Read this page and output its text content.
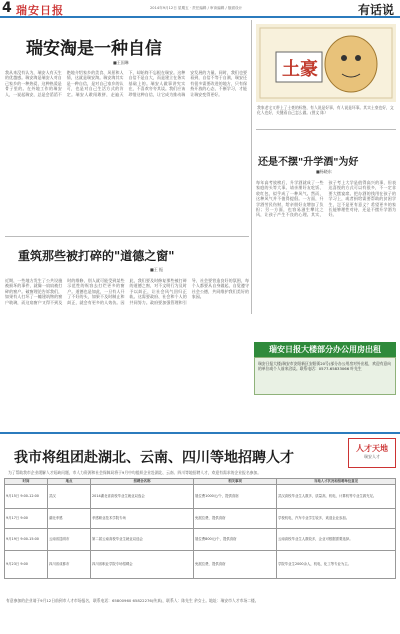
4 瑞安日报	2014年9月12日 星期五 · 责任编辑 / 审读编辑 / 版面设计	有话说
瑞安淘是一种自信
■王国琳
我从来没有认为，瑞安人有天生的优越感。瑞安淘是瑞安人对自己家乡的一种热爱，这种热爱是骨子里的。在外地工作的瑞安人，一说起瑞安，总是会滔滔不绝地介绍家乡的美食、风景和人情，这就是瑞安淘。瑞安淘其实是一种自信，是对自己家乡的认可，也是对自己生活方式的肯定。瑞安人敢闯敢拼，走遍天下，却始终不忘根在瑞安。这种自信不是自大，而是建立在务实基础上的。瑞安人做事讲究实在，不喜欢夸夸其谈。我们应该珍惜这种自信，让它成为推动瑞安发展的力量。同时，我们也要看到，自信不等于自满，瑞安还有很多需要改进的地方，只有保持开放的心态，不断学习，才能让瑞安变得更好。
土豪
我家老宅又带上了土豪的标签，有人说是好事，有人说是坏事。其实土豪也好，文化人也好，关键看自己怎么做。(图文 陈）
还是不摆"升学酒"为好
■杨晓东
每年高考放榜后，升学酒就成了一些家庭的头等大事。请亲朋好友吃饭、收红包，似乎成了一种风气。然而，这种风气并不值得提倡。一方面，升学酒劳民伤财，给亲朋好友增加了负担；另一方面，也容易滋生攀比之风，让孩子产生不良的心理。其实，孩子考上大学是值得高兴的事，但表达喜悦的方式可以有很多，不一定非要大摆宴席。把办酒的钱用在孩子的学习上，或者捐给需要帮助的贫困学生，岂不是更有意义？希望更多的家长能够理性对待，还是不摆升学酒为好。
重筑那些被打碎的"道德之窗"
■王 振
近期，一些地方发生了公共设施被损坏的事件，就像一扇扇被打碎的窗户。破窗理论告诉我们，如果有人打坏了一幢建筑物的窗户玻璃，而这扇窗户又得不到及时的维修，别人就可能受到某些示范性的纵容去打烂更多的窗户。道德也是如此，一旦有人开了不好的头，如果不及时制止和纠正，就会有更多的人效仿。因此，我们要及时修复那些被打碎的道德之窗，对不文明行为及时予以纠正，让社会风气回归正轨。这需要政府、社会和个人的共同努力。政府要加强管理和引导，社会要营造良好的氛围，每个人都要从自身做起，自觉遵守社会公德，共同维护我们美好的家园。
瑞安日报大楼部分办公用房出租
瑞安日报大楼(瑞安市安阳新区安阳街20号)部分办公用房对外出租，欢迎有意向的单位或个人前来洽谈。联系电话：0577-65833066 叶先生
我市将组团赴湖北、云南、四川等地招聘人才
人才天地
瑞安人才
为了帮助我市企业缓解人才短缺问题，市人力资源和社会保障局将于9月中旬组织企业赴湖北、云南、四川等地招聘人才，欢迎有需求的企业报名参加。
时间	地点	招聘会名称	相关事项	当地人才状况和招聘单位意见
9月15日 9:00-12:00	武汉	2014湖北省高校毕业生就业双选会	展位费1000元/个，提供食宿	武汉高校毕业生人数多，质量高，机电、计算机等专业生源充足。
9月17日 9:00	湖北孝感	孝感职业技术学院专场	免展位费，提供食宿	学校机电、汽车专业学生较多，欢迎企业参加。
9月19日 9:00-15:00	云南省昆明市	第二届云南高校毕业生就业双选会	展位费800元/个，提供食宿	云南高校毕业生人数较多，企业可根据需要选择。
9月23日 9:00	四川省成都市	四川省职业学院专场招聘会	免展位费，提供食宿	学院毕业生2000余人，机电、化工等专业为主。
有意参加的企业请于9月12日前到市人才市场报名，联系电话：65800960 65822276(传真)，联系人：陈先生 余女士。地址：瑞安市人才市场二楼。
